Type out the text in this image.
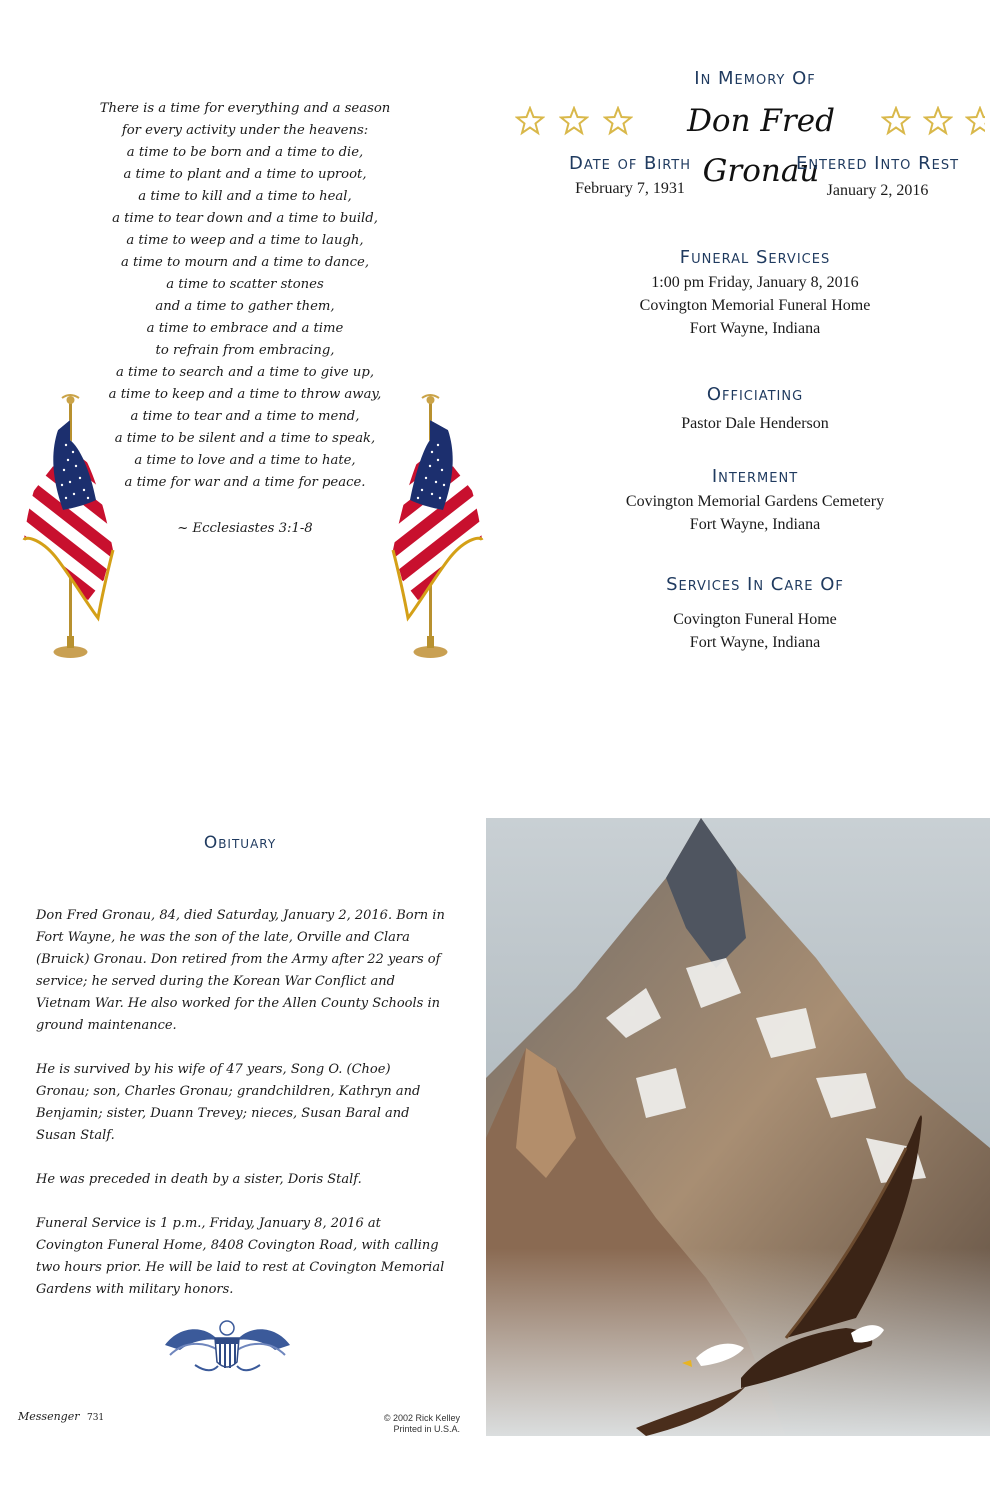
There is a time for everything and a season
for every activity under the heavens:
a time to be born and a time to die,
a time to plant and a time to uproot,
a time to kill and a time to heal,
a time to tear down and a time to build,
a time to weep and a time to laugh,
a time to mourn and a time to dance,
a time to scatter stones
and a time to gather them,
a time to embrace and a time
to refrain from embracing,
a time to search and a time to give up,
a time to keep and a time to throw away,
a time to tear and a time to mend,
a time to be silent and a time to speak,
a time to love and a time to hate,
a time for war and a time for peace.
~ Ecclesiastes 3:1-8
In Memory Of
Don Fred Gronau
Date of Birth
February 7, 1931
Entered Into Rest
January 2, 2016
Funeral Services
1:00 pm Friday, January 8, 2016
Covington Memorial Funeral Home
Fort Wayne, Indiana
Officiating
Pastor Dale Henderson
Interment
Covington Memorial Gardens Cemetery
Fort Wayne, Indiana
Services In Care Of
Covington Funeral Home
Fort Wayne, Indiana
Obituary

Don Fred Gronau, 84, died Saturday, January 2, 2016. Born in Fort Wayne, he was the son of the late, Orville and Clara (Bruick) Gronau. Don retired from the Army after 22 years of service; he served during the Korean War Conflict and Vietnam War. He also worked for the Allen County Schools in ground maintenance.

He is survived by his wife of 47 years, Song O. (Choe) Gronau; son, Charles Gronau; grandchildren, Kathryn and Benjamin; sister, Duann Trevey; nieces, Susan Baral and Susan Stalf.

He was preceded in death by a sister, Doris Stalf.

Funeral Service is 1 p.m., Friday, January 8, 2016 at Covington Funeral Home, 8408 Covington Road, with calling two hours prior. He will be laid to rest at Covington Memorial Gardens with military honors.

Messenger 731	© 2002 Rick Kelley
Printed in U.S.A.
